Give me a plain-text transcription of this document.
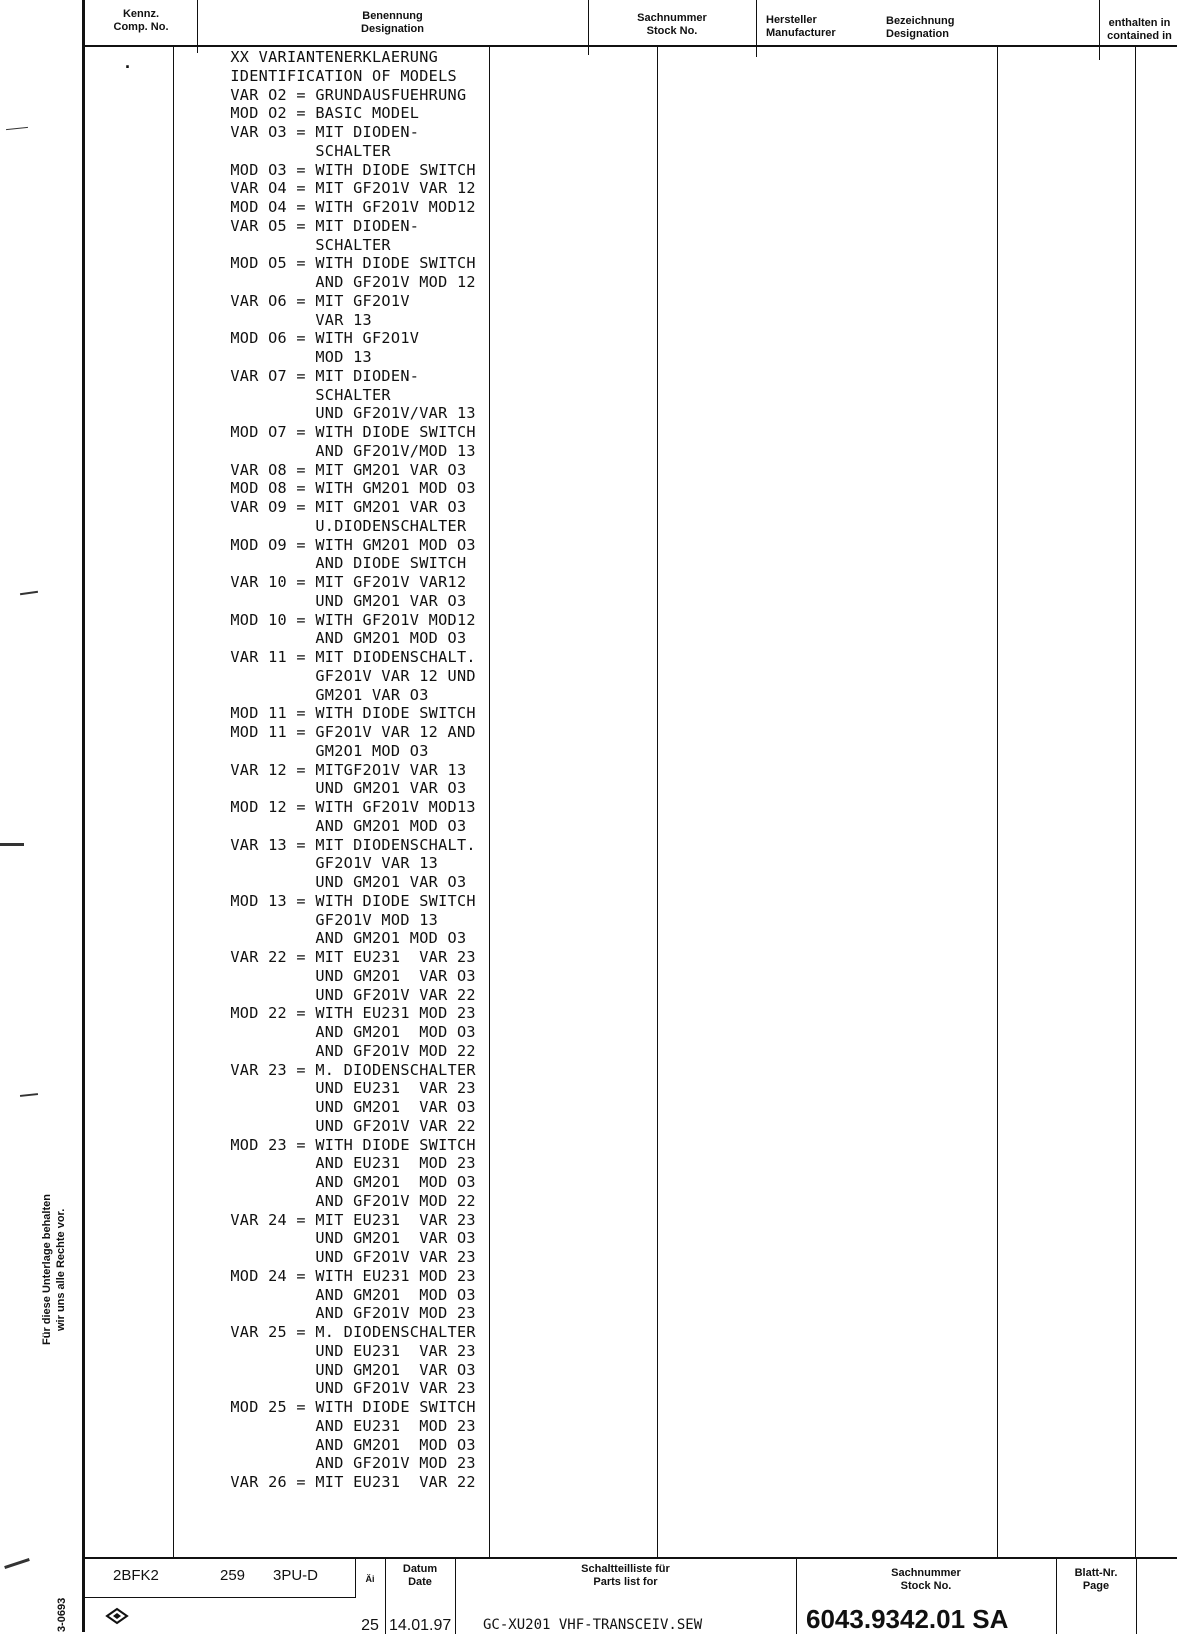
Für diese Unterlage behalten wir uns alle Rechte vor.
3-0693
Kennz.
Comp. No.
Benennung
Designation
Sachnummer
Stock No.
Hersteller
Manufacturer
Bezeichnung
Designation
enthalten in
contained in
.	XX VARIANTENERKLAERUNG
IDENTIFICATION OF MODELS
VAR O2 = GRUNDAUSFUEHRUNG
MOD O2 = BASIC MODEL
VAR O3 = MIT DIODEN-
SCHALTER
MOD O3 = WITH DIODE SWITCH
VAR O4 = MIT GF2O1V VAR 12
MOD O4 = WITH GF2O1V MOD12
VAR O5 = MIT DIODEN-
SCHALTER
MOD O5 = WITH DIODE SWITCH
AND GF2O1V MOD 12
VAR O6 = MIT GF2O1V
VAR 13
MOD O6 = WITH GF2O1V
MOD 13
VAR O7 = MIT DIODEN-
SCHALTER
UND GF2O1V/VAR 13
MOD O7 = WITH DIODE SWITCH
AND GF2O1V/MOD 13
VAR O8 = MIT GM2O1 VAR O3
MOD O8 = WITH GM2O1 MOD O3
VAR O9 = MIT GM2O1 VAR O3
U.DIODENSCHALTER
MOD O9 = WITH GM2O1 MOD O3
AND DIODE SWITCH
VAR 10 = MIT GF2O1V VAR12
UND GM2O1 VAR O3
MOD 10 = WITH GF2O1V MOD12
AND GM2O1 MOD O3
VAR 11 = MIT DIODENSCHALT.
GF2O1V VAR 12 UND
GM2O1 VAR O3
MOD 11 = WITH DIODE SWITCH
MOD 11 = GF2O1V VAR 12 AND
GM2O1 MOD O3
VAR 12 = MITGF2O1V VAR 13
UND GM2O1 VAR O3
MOD 12 = WITH GF2O1V MOD13
AND GM2O1 MOD O3
VAR 13 = MIT DIODENSCHALT.
GF2O1V VAR 13
UND GM2O1 VAR O3
MOD 13 = WITH DIODE SWITCH
GF2O1V MOD 13
AND GM2O1 MOD O3
VAR 22 = MIT EU231  VAR 23
UND GM2O1  VAR O3
UND GF2O1V VAR 22
MOD 22 = WITH EU231 MOD 23
AND GM2O1  MOD O3
AND GF2O1V MOD 22
VAR 23 = M. DIODENSCHALTER
UND EU231  VAR 23
UND GM2O1  VAR O3
UND GF2O1V VAR 22
MOD 23 = WITH DIODE SWITCH
AND EU231  MOD 23
AND GM2O1  MOD O3
AND GF2O1V MOD 22
VAR 24 = MIT EU231  VAR 23
UND GM2O1  VAR O3
UND GF2O1V VAR 23
MOD 24 = WITH EU231 MOD 23
AND GM2O1  MOD O3
AND GF2O1V MOD 23
VAR 25 = M. DIODENSCHALTER
UND EU231  VAR 23
UND GM2O1  VAR O3
UND GF2O1V VAR 23
MOD 25 = WITH DIODE SWITCH
AND EU231  MOD 23
AND GM2O1  MOD O3
AND GF2O1V MOD 23
VAR 26 = MIT EU231  VAR 22
2BFK2	259 3PU-D	Äi
25
Datum
Date
14.01.97
Schaltteilliste für
Parts list for
GC-XU201 VHF-TRANSCEIV.SEW
Sachnummer
Stock No.
6043.9342.01 SA
Blatt-Nr.
Page
